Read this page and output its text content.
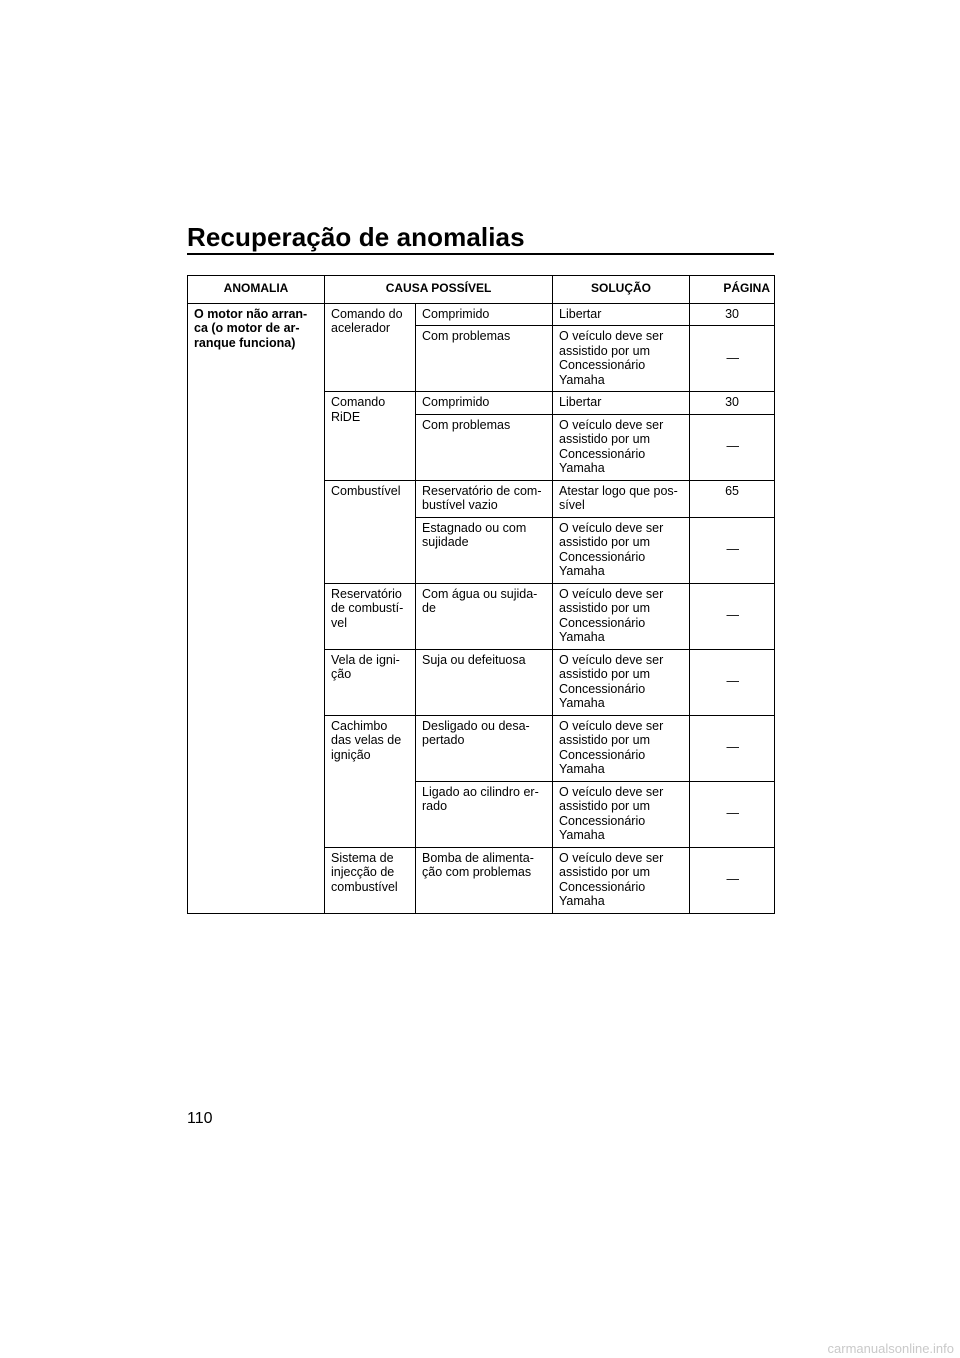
Recuperação de anomalias
ANOMALIA	CAUSA POSSÍVEL		SOLUÇÃO	PÁGINA
O motor não arran-
ca (o motor de ar-
ranque funciona)	Comando do
acelerador	Comprimido	Libertar	30
		Com problemas	O veículo deve ser
assistido por um
Concessionário
Yamaha	—
	Comando
RiDE	Comprimido	Libertar	30
		Com problemas	O veículo deve ser
assistido por um
Concessionário
Yamaha	—
	Combustível	Reservatório de com-
bustível vazio	Atestar logo que pos-
sível	65
		Estagnado ou com
sujidade	O veículo deve ser
assistido por um
Concessionário
Yamaha	—
	Reservatório
de combustí-
vel	Com água ou sujida-
de	O veículo deve ser
assistido por um
Concessionário
Yamaha	—
	Vela de igni-
ção	Suja ou defeituosa	O veículo deve ser
assistido por um
Concessionário
Yamaha	—
	Cachimbo
das velas de
ignição	Desligado ou desa-
pertado	O veículo deve ser
assistido por um
Concessionário
Yamaha	—
		Ligado ao cilindro er-
rado	O veículo deve ser
assistido por um
Concessionário
Yamaha	—
	Sistema de
injecção de
combustível	Bomba de alimenta-
ção com problemas	O veículo deve ser
assistido por um
Concessionário
Yamaha	—
110
carmanualsonline.info
